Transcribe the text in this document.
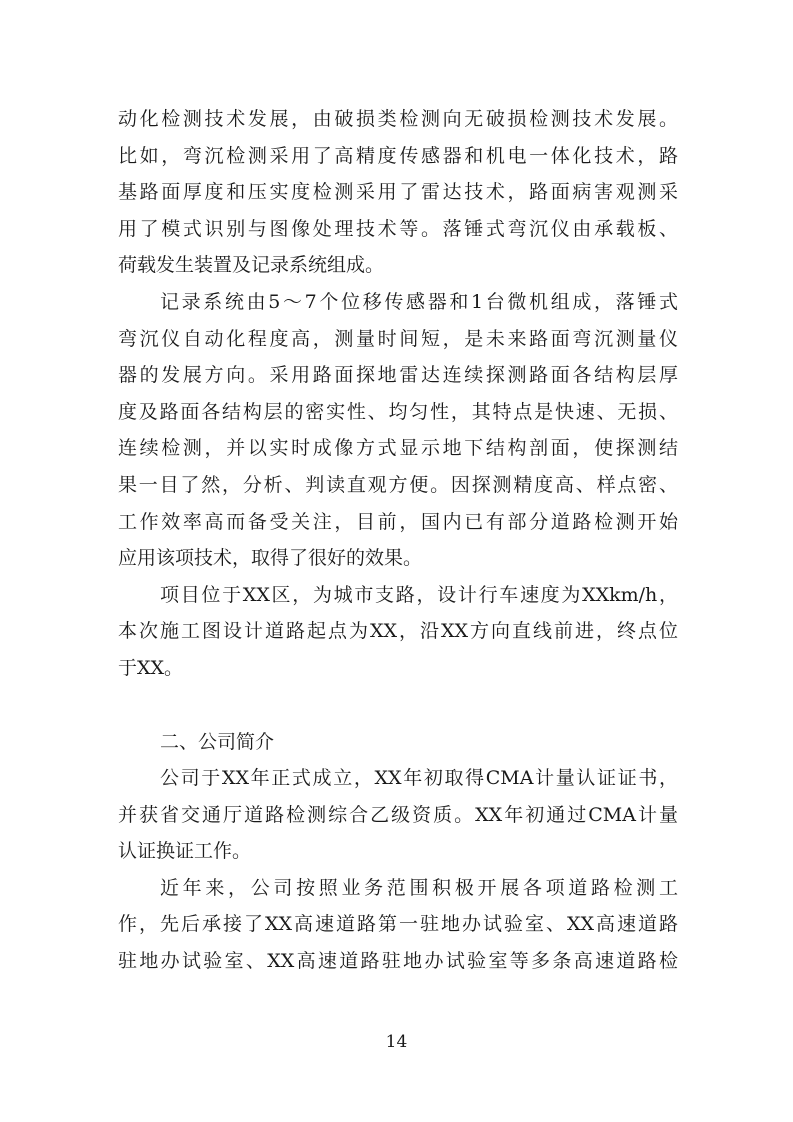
动化检测技术发展，由破损类检测向无破损检测技术发展。
比如，弯沉检测采用了高精度传感器和机电一体化技术，路
基路面厚度和压实度检测采用了雷达技术，路面病害观测采
用了模式识别与图像处理技术等。落锤式弯沉仪由承载板、
荷载发生装置及记录系统组成。
记录系统由5～7个位移传感器和1台微机组成，落锤式
弯沉仪自动化程度高，测量时间短，是未来路面弯沉测量仪
器的发展方向。采用路面探地雷达连续探测路面各结构层厚
度及路面各结构层的密实性、均匀性，其特点是快速、无损、
连续检测，并以实时成像方式显示地下结构剖面，使探测结
果一目了然，分析、判读直观方便。因探测精度高、样点密、
工作效率高而备受关注，目前，国内已有部分道路检测开始
应用该项技术，取得了很好的效果。
项目位于XX区，为城市支路，设计行车速度为XXkm/h，
本次施工图设计道路起点为XX，沿XX方向直线前进，终点位
于XX。
二、公司简介
公司于XX年正式成立，XX年初取得CMA计量认证证书，
并获省交通厅道路检测综合乙级资质。XX年初通过CMA计量
认证换证工作。
近年来，公司按照业务范围积极开展各项道路检测工
作，先后承接了XX高速道路第一驻地办试验室、XX高速道路
驻地办试验室、XX高速道路驻地办试验室等多条高速道路检
14
